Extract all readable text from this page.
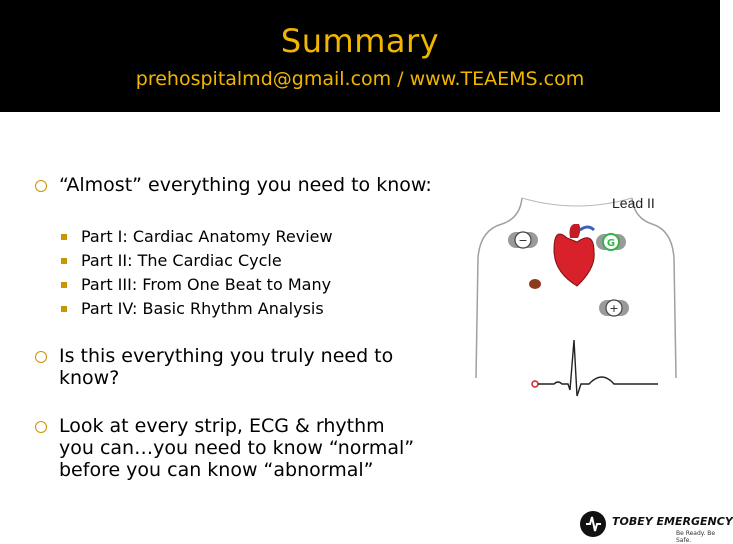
Summary
prehospitalmd@gmail.com / www.TEAEMS.com
“Almost” everything you need to know:
Part I: Cardiac Anatomy Review
Part II: The Cardiac Cycle
Part III: From One Beat to Many
Part IV: Basic Rhythm Analysis
Is this everything you truly need to know?
Look at every strip, ECG & rhythm you can…you need to know “normal” before you can know “abnormal”
Lead II
−	G
+
TOBEY EMERGENCY
Be Ready. Be Safe.
